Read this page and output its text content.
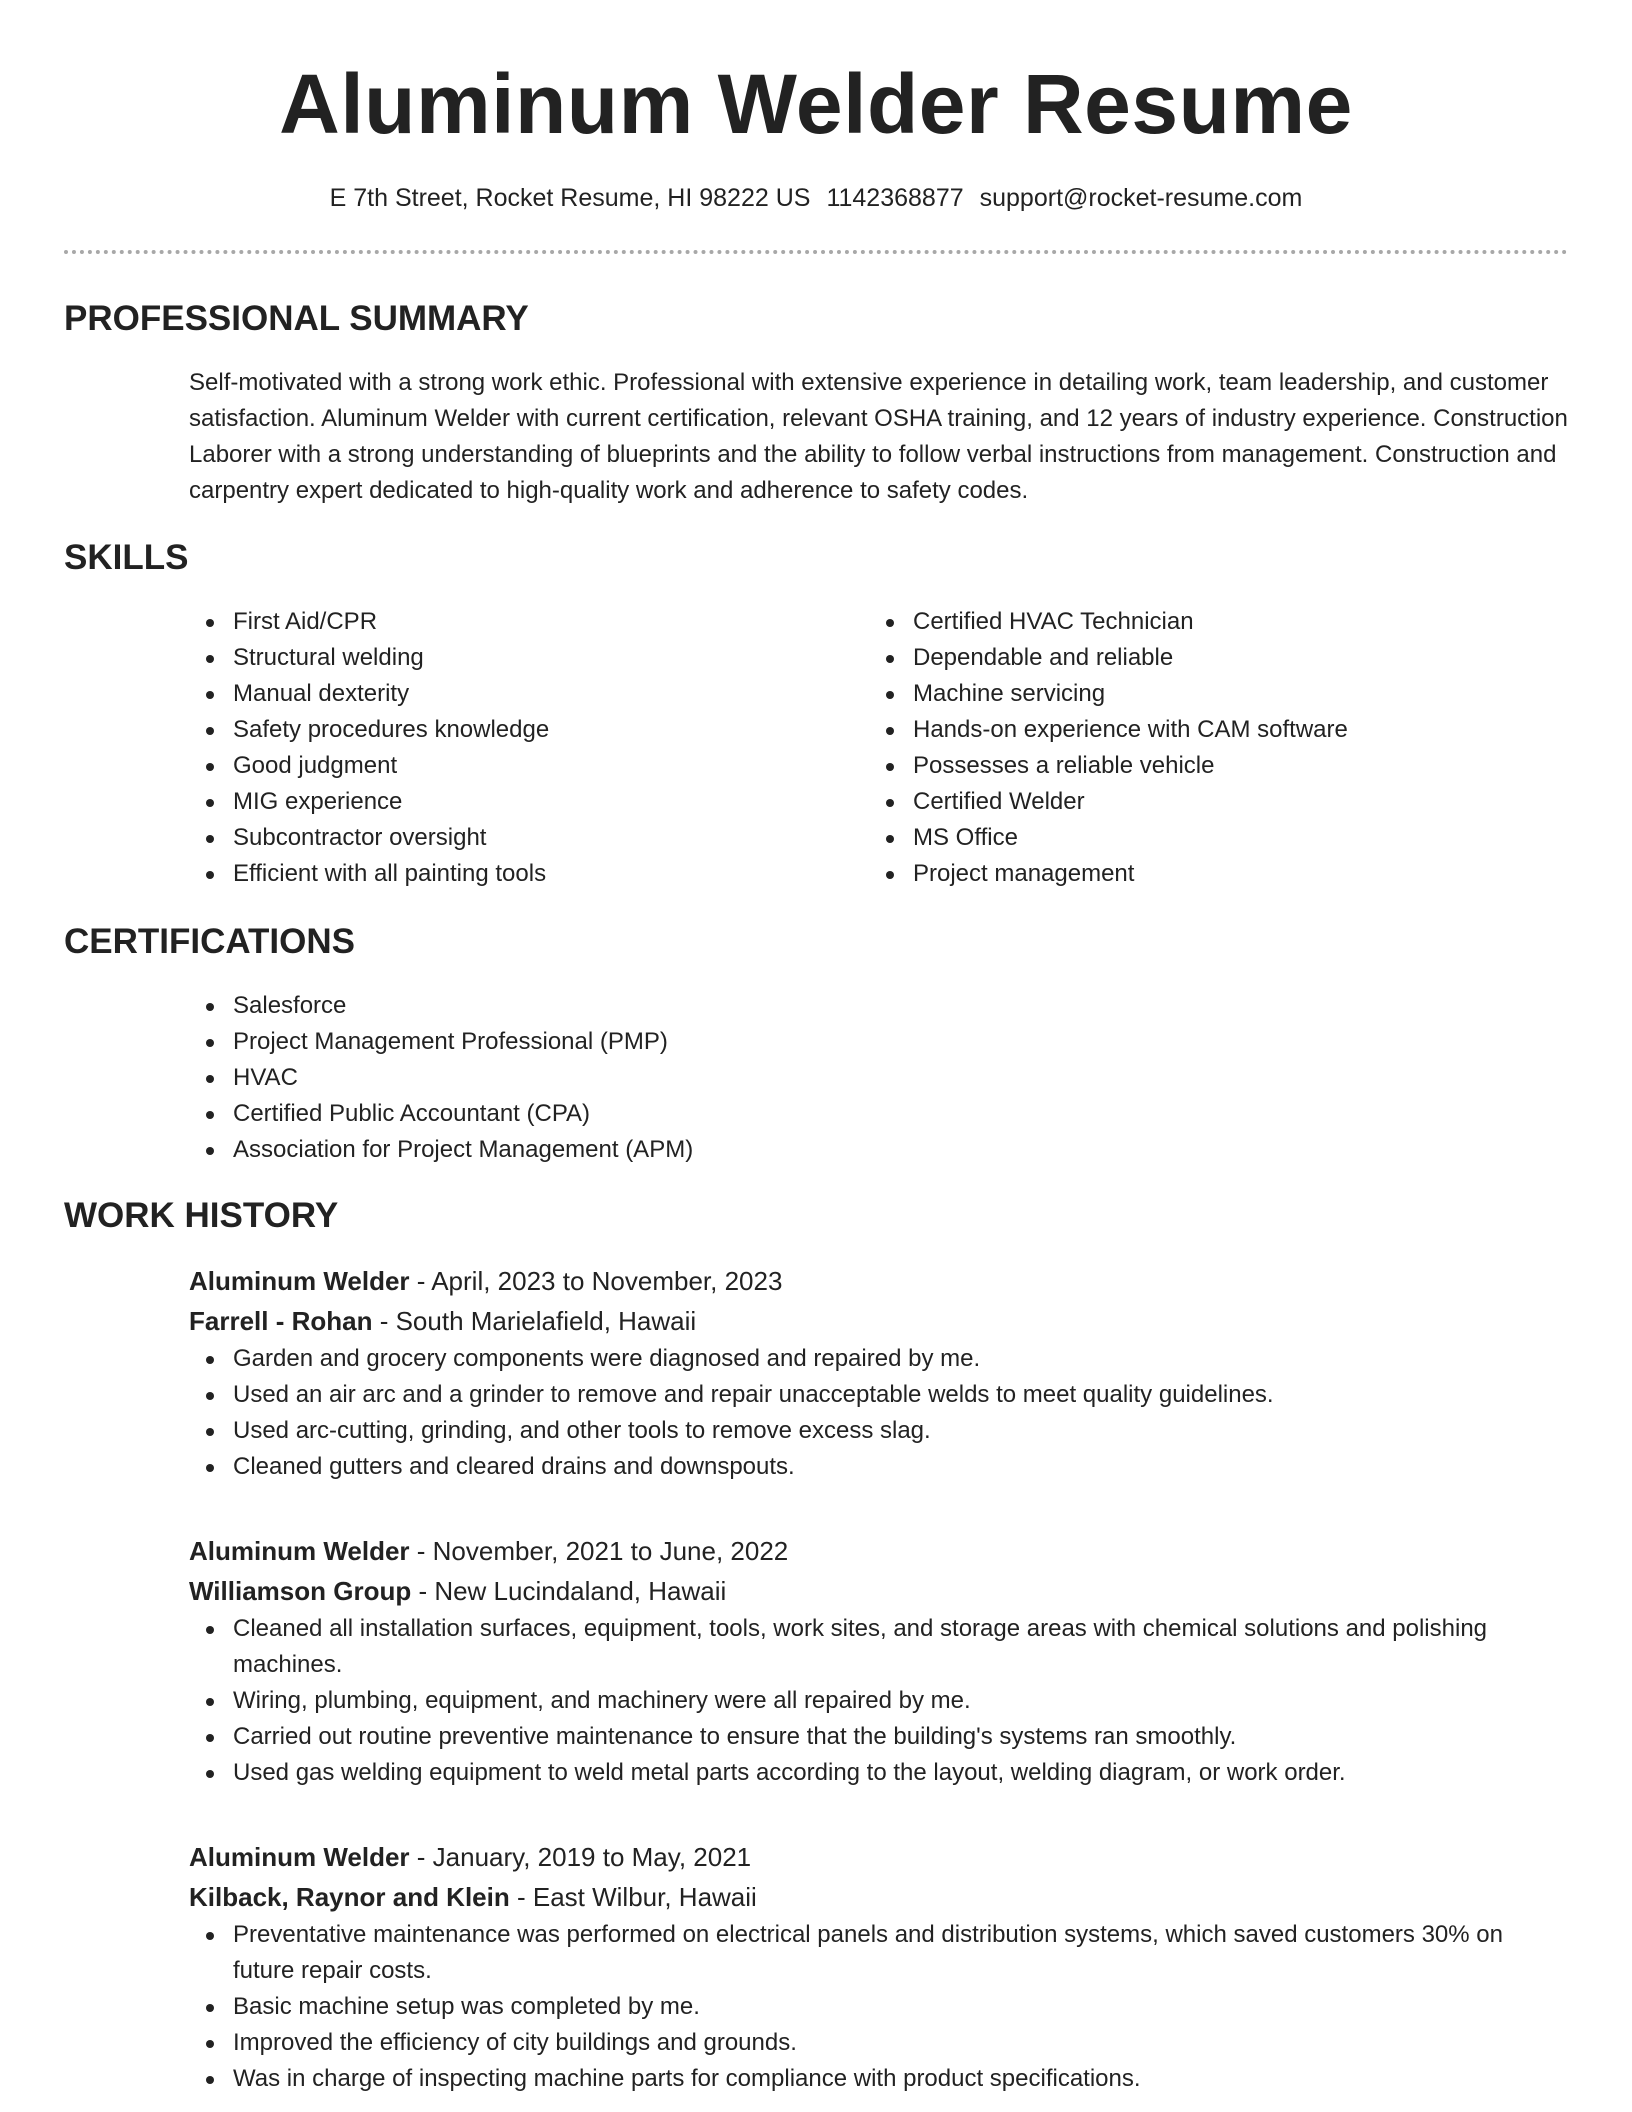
Aluminum Welder Resume
E 7th Street, Rocket Resume, HI 98222 US 1142368877 support@rocket-resume.com
PROFESSIONAL SUMMARY
Self-motivated with a strong work ethic. Professional with extensive experience in detailing work, team leadership, and customer satisfaction. Aluminum Welder with current certification, relevant OSHA training, and 12 years of industry experience. Construction Laborer with a strong understanding of blueprints and the ability to follow verbal instructions from management. Construction and carpentry expert dedicated to high-quality work and adherence to safety codes.
SKILLS
First Aid/CPR
Structural welding
Manual dexterity
Safety procedures knowledge
Good judgment
MIG experience
Subcontractor oversight
Efficient with all painting tools
Certified HVAC Technician
Dependable and reliable
Machine servicing
Hands-on experience with CAM software
Possesses a reliable vehicle
Certified Welder
MS Office
Project management
CERTIFICATIONS
Salesforce
Project Management Professional (PMP)
HVAC
Certified Public Accountant (CPA)
Association for Project Management (APM)
WORK HISTORY
Aluminum Welder - April, 2023 to November, 2023
Farrell - Rohan - South Marielafield, Hawaii
Garden and grocery components were diagnosed and repaired by me.
Used an air arc and a grinder to remove and repair unacceptable welds to meet quality guidelines.
Used arc-cutting, grinding, and other tools to remove excess slag.
Cleaned gutters and cleared drains and downspouts.
Aluminum Welder - November, 2021 to June, 2022
Williamson Group - New Lucindaland, Hawaii
Cleaned all installation surfaces, equipment, tools, work sites, and storage areas with chemical solutions and polishing machines.
Wiring, plumbing, equipment, and machinery were all repaired by me.
Carried out routine preventive maintenance to ensure that the building's systems ran smoothly.
Used gas welding equipment to weld metal parts according to the layout, welding diagram, or work order.
Aluminum Welder - January, 2019 to May, 2021
Kilback, Raynor and Klein - East Wilbur, Hawaii
Preventative maintenance was performed on electrical panels and distribution systems, which saved customers 30% on future repair costs.
Basic machine setup was completed by me.
Improved the efficiency of city buildings and grounds.
Was in charge of inspecting machine parts for compliance with product specifications.
